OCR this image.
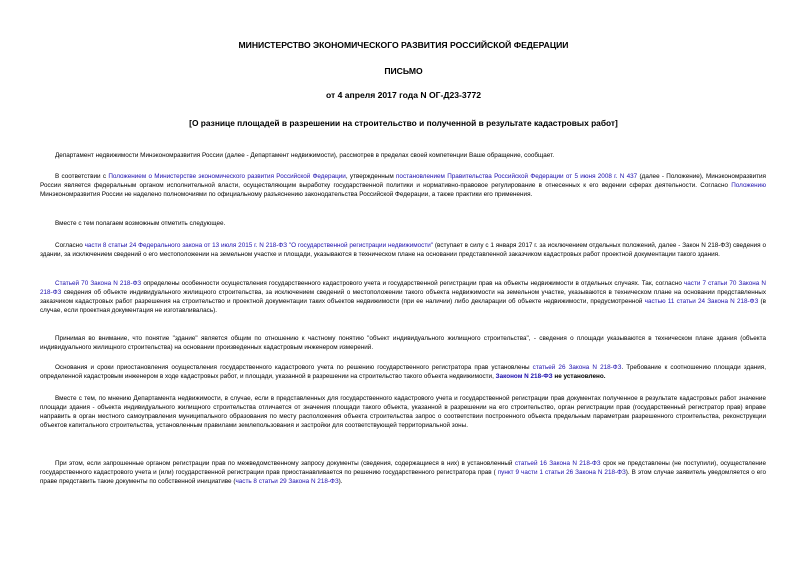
МИНИСТЕРСТВО ЭКОНОМИЧЕСКОГО РАЗВИТИЯ РОССИЙСКОЙ ФЕДЕРАЦИИ
ПИСЬМО
от 4 апреля 2017 года N ОГ-Д23-3772
[О разнице площадей в разрешении на строительство и полученной в результате кадастровых работ]

Департамент недвижимости Минэкономразвития России (далее - Департамент недвижимости), рассмотрев в пределах своей компетенции Ваше обращение, сообщает.

В соответствии с Положением о Министерстве экономического развития Российской Федерации, утвержденным постановлением Правительства Российской Федерации от 5 июня 2008 г. N 437 (далее - Положение), Минэкономразвития России является федеральным органом исполнительной власти, осуществляющим выработку государственной политики и нормативно-правовое регулирование в отнесенных к его ведении сферах деятельности. Согласно Положению Минэкономразвития России не наделено полномочиями по официальному разъяснению законодательства Российской Федерации, а также практики его применения.

Вместе с тем полагаем возможным отметить следующее.

Согласно части 8 статьи 24 Федерального закона от 13 июля 2015 г. N 218-ФЗ "О государственной регистрации недвижимости" (вступает в силу с 1 января 2017 г. за исключением отдельных положений, далее - Закон N 218-ФЗ) сведения о здании, за исключением сведений о его местоположении на земельном участке и площади, указываются в техническом плане на основании представленной заказчиком кадастровых работ проектной документации такого здания.

Статьей 70 Закона N 218-ФЗ определены особенности осуществления государственного кадастрового учета и государственной регистрации прав на объекты недвижимости в отдельных случаях. Так, согласно части 7 статьи 70 Закона N 218-ФЗ сведения об объекте индивидуального жилищного строительства, за исключением сведений о местоположении такого объекта недвижимости на земельном участке, указываются в техническом плане на основании представленных заказчиком кадастровых работ разрешения на строительство и проектной документации таких объектов недвижимости (при ее наличии) либо декларации об объекте недвижимости, предусмотренной частью 11 статьи 24 Закона N 218-ФЗ (в случае, если проектная документация не изготавливалась).

Принимая во внимание, что понятие "здание" является общим по отношению к частному понятию "объект индивидуального жилищного строительства", - сведения о площади указываются в техническом плане здания (объекта индивидуального жилищного строительства) на основании произведенных кадастровым инженером измерений.

Основания и сроки приостановления осуществления государственного кадастрового учета по решению государственного регистратора прав установлены статьей 26 Закона N 218-ФЗ. Требование к соотношению площади здания, определенной кадастровым инженером в ходе кадастровых работ, и площади, указанной в разрешении на строительство такого объекта недвижимости, Законом N 218-ФЗ не установлено.

Вместе с тем, по мнению Департамента недвижимости, в случае, если в представленных для государственного кадастрового учета и государственной регистрации прав документах полученное в результате кадастровых работ значение площади здания - объекта индивидуального жилищного строительства отличается от значения площади такого объекта, указанной в разрешении на его строительство, орган регистрации прав (государственный регистратор прав) вправе направить в орган местного самоуправления муниципального образования по месту расположения объекта строительства запрос о соответствии построенного объекта предельным параметрам разрешенного строительства, реконструкции объектов капитального строительства, установленным правилами землепользования и застройки для соответствующей территориальной зоны.

При этом, если запрошенные органом регистрации прав по межведомственному запросу документы (сведения, содержащиеся в них) в установленный статьей 16 Закона N 218-ФЗ срок не представлены (не поступили), осуществление государственного кадастрового учета и (или) государственной регистрации прав приостанавливается по решению государственного регистратора прав ( пункт 9 части 1 статьи 26 Закона N 218-ФЗ). В этом случае заявитель уведомляется о его праве представить такие документы по собственной инициативе (часть 8 статьи 29 Закона N 218-ФЗ).
